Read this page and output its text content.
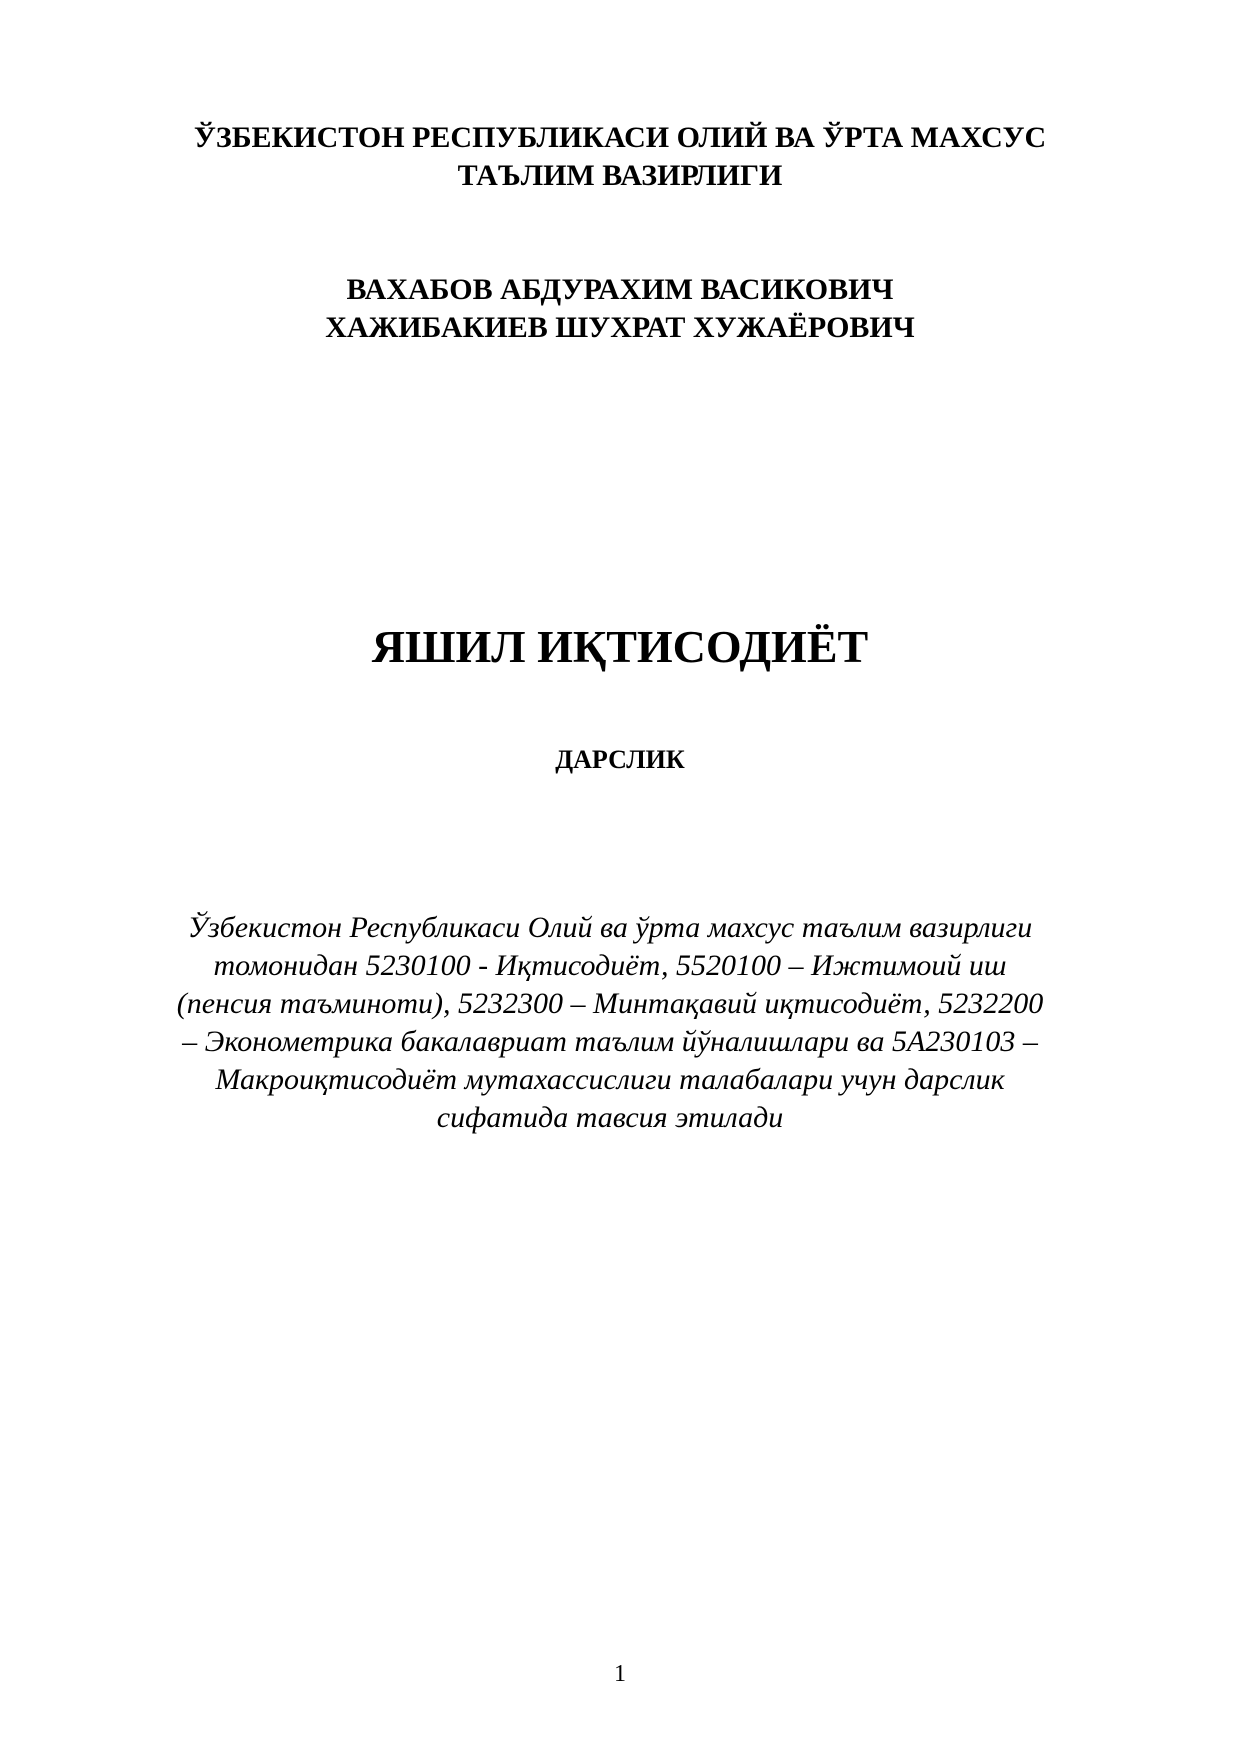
ЎЗБЕКИСТОН РЕСПУБЛИКАСИ ОЛИЙ ВА ЎРТА МАХСУС
ТАЪЛИМ ВАЗИРЛИГИ
ВАХАБОВ АБДУРАХИМ ВАСИКОВИЧ
ХАЖИБАКИЕВ ШУХРАТ ХУЖАЁРОВИЧ
ЯШИЛ ИҚТИСОДИЁТ
ДАРСЛИК
Ўзбекистон Республикаси Олий ва ўрта махсус таълим вазирлиги
томонидан 5230100 - Иқтисодиёт, 5520100 – Ижтимоий иш
(пенсия таъминоти), 5232300 – Минтақавий иқтисодиёт, 5232200
– Эконометрика бакалавриат таълим йўналишлари ва 5А230103 –
Макроиқтисодиёт мутахассислиги талабалари учун дарслик
сифатида тавсия этилади
1
